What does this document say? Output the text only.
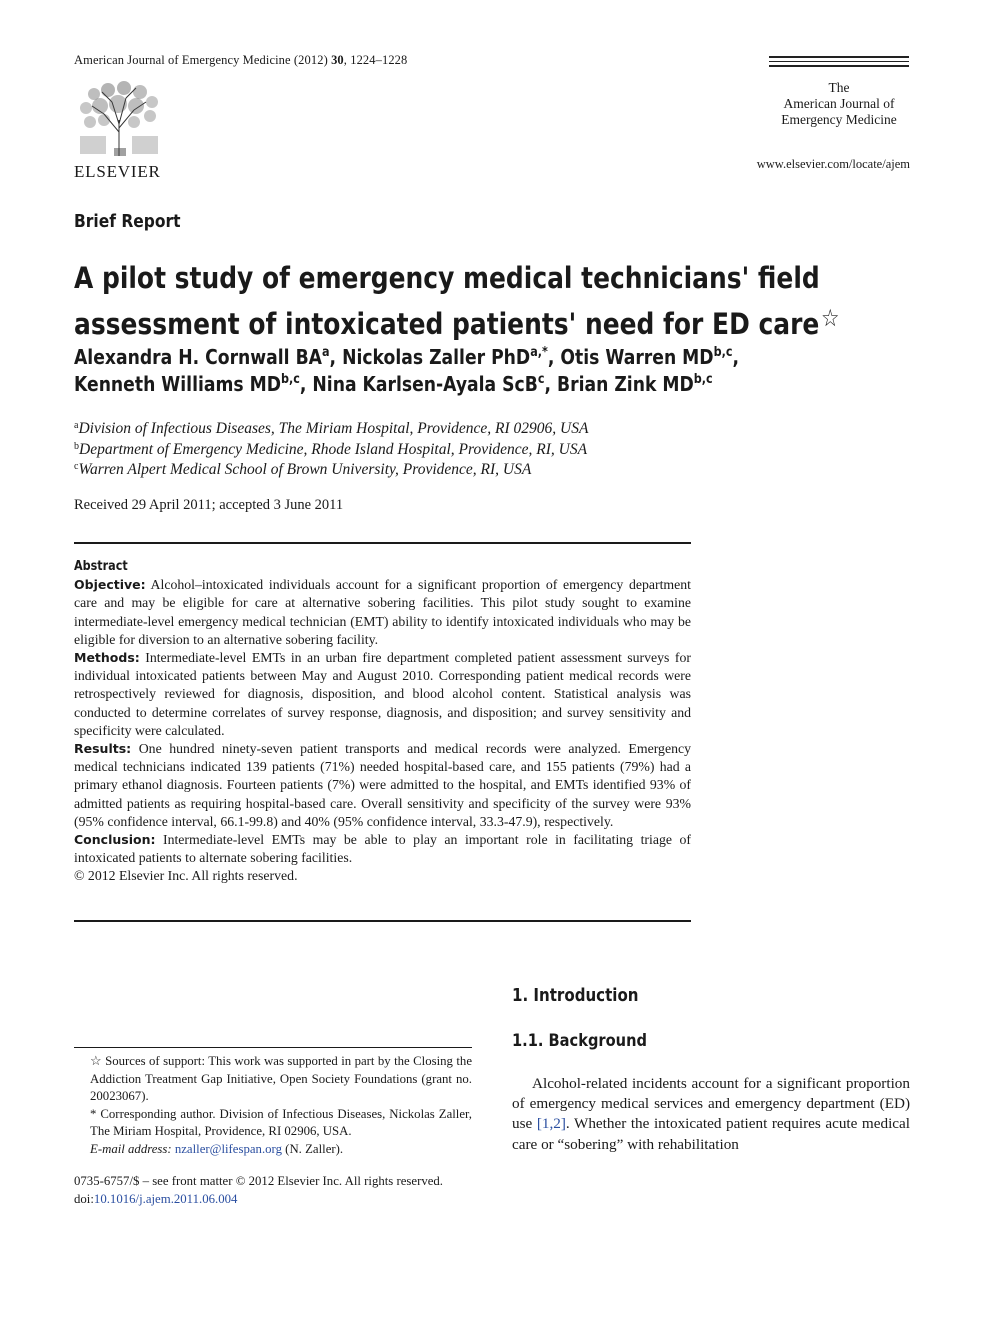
American Journal of Emergency Medicine (2012) 30, 1224–1228
ELSEVIER
The
American Journal of
Emergency Medicine
www.elsevier.com/locate/ajem
Brief Report
A pilot study of emergency medical technicians' field
assessment of intoxicated patients' need for ED care☆
Alexandra H. Cornwall $BA^a$, Nickolas Zaller PhD$^{a,*}$, Otis Warren MD$^{b,c}$,
Kenneth Williams MD$^{b,c}$, Nina Karlsen-Ayala ScB$^c$, Brian Zink MD$^{b,c}$
$^a$Division of Infectious Diseases, The Miriam Hospital, Providence, RI 02906, USA
$^b$Department of Emergency Medicine, Rhode Island Hospital, Providence, RI, USA
$^c$Warren Alpert Medical School of Brown University, Providence, RI, USA
Received 29 April 2011; accepted 3 June 2011
Abstract
Objective: Alcohol–intoxicated individuals account for a significant proportion of emergency department care and may be eligible for care at alternative sobering facilities. This pilot study sought to examine intermediate-level emergency medical technician (EMT) ability to identify intoxicated individuals who may be eligible for diversion to an alternative sobering facility.
Methods: Intermediate-level EMTs in an urban fire department completed patient assessment surveys for individual intoxicated patients between May and August 2010. Corresponding patient medical records were retrospectively reviewed for diagnosis, disposition, and blood alcohol content. Statistical analysis was conducted to determine correlates of survey response, diagnosis, and disposition; and survey sensitivity and specificity were calculated.
Results: One hundred ninety-seven patient transports and medical records were analyzed. Emergency medical technicians indicated 139 patients (71%) needed hospital-based care, and 155 patients (79%) had a primary ethanol diagnosis. Fourteen patients (7%) were admitted to the hospital, and EMTs identified 93% of admitted patients as requiring hospital-based care. Overall sensitivity and specificity of the survey were 93% (95% confidence interval, 66.1-99.8) and 40% (95% confidence interval, 33.3-47.9), respectively.
Conclusion: Intermediate-level EMTs may be able to play an important role in facilitating triage of intoxicated patients to alternate sobering facilities.
© 2012 Elsevier Inc. All rights reserved.
☆ Sources of support: This work was supported in part by the Closing the Addiction Treatment Gap Initiative, Open Society Foundations (grant no. 20023067).
* Corresponding author. Division of Infectious Diseases, Nickolas Zaller, The Miriam Hospital, Providence, RI 02906, USA.
E-mail address: nzaller@lifespan.org (N. Zaller).
0735-6757/$ – see front matter © 2012 Elsevier Inc. All rights reserved.
doi:10.1016/j.ajem.2011.06.004
1. Introduction
1.1. Background
Alcohol-related incidents account for a significant proportion of emergency medical services and emergency department (ED) use [1,2]. Whether the intoxicated patient requires acute medical care or “sobering” with rehabilitation
